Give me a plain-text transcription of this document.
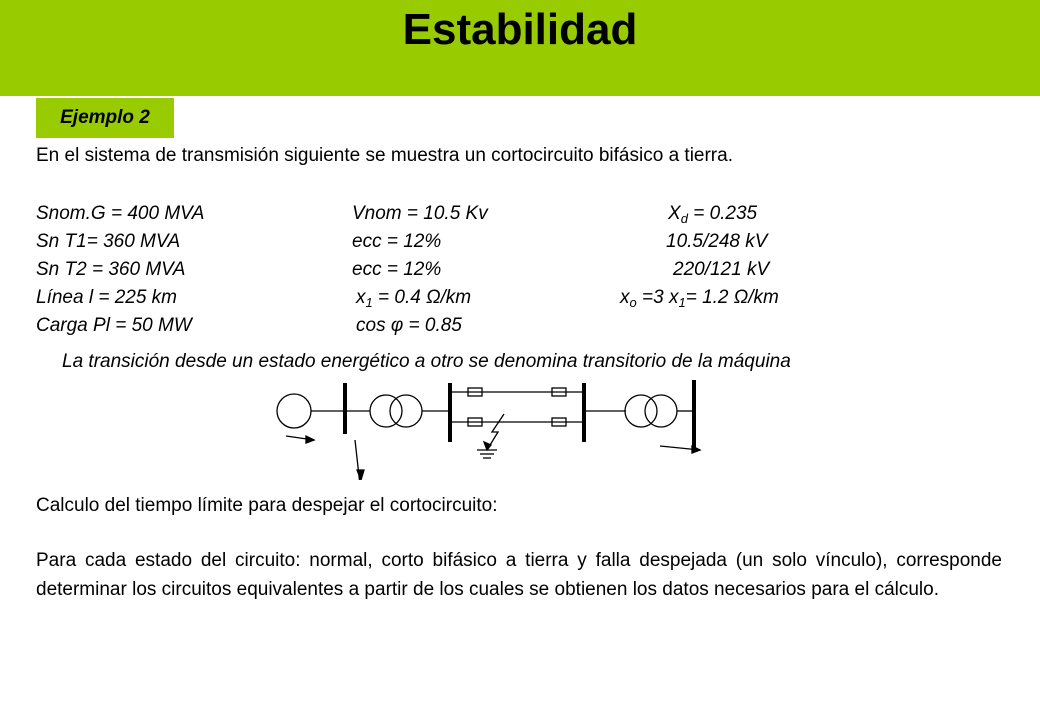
Estabilidad
Ejemplo 2
En el sistema de transmisión siguiente se muestra un cortocircuito bifásico a tierra.
Snom.G = 400 MVA	Vnom = 10.5 Kv	$X_d = 0.235$
Sn T1= 360 MVA	ecc = 12%	10.5/248 kV
Sn T2 = 360 MVA	ecc = 12%	220/121 kV
Línea l = 225 km	$x_1 = 0.4$ Ω/km	$x_o =3$ $x_1= 1.2$ Ω/km
Carga Pl = 50 MW	cos φ = 0.85
La transición desde un estado energético a otro se denomina transitorio de la máquina
Calculo del tiempo límite para despejar el cortocircuito:
Para cada estado del circuito: normal, corto bifásico a tierra y falla despejada (un solo vínculo), corresponde determinar los circuitos equivalentes a partir de los cuales se obtienen los datos necesarios para el cálculo.
